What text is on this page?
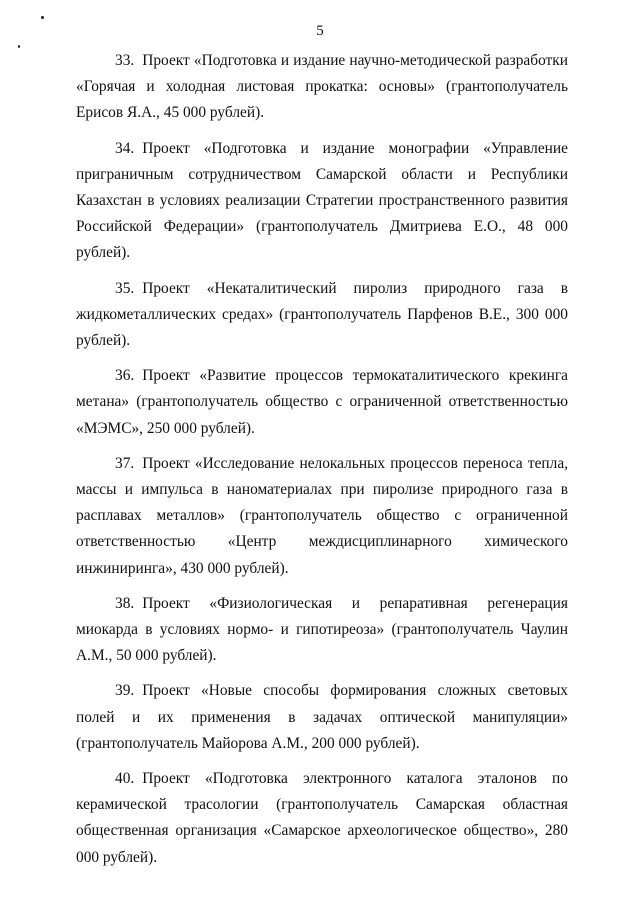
5

33. Проект «Подготовка и издание научно-методической разработки «Горячая и холодная листовая прокатка: основы» (грантополучатель Ерисов Я.А., 45 000 рублей).

34. Проект «Подготовка и издание монографии «Управление приграничным сотрудничеством Самарской области и Республики Казахстан в условиях реализации Стратегии пространственного развития Российской Федерации» (грантополучатель Дмитриева Е.О., 48 000 рублей).

35. Проект «Некаталитический пиролиз природного газа в жидкометаллических средах» (грантополучатель Парфенов В.Е., 300 000 рублей).

36. Проект «Развитие процессов термокаталитического крекинга метана» (грантополучатель общество с ограниченной ответственностью «МЭМС», 250 000 рублей).

37. Проект «Исследование нелокальных процессов переноса тепла, массы и импульса в наноматериалах при пиролизе природного газа в расплавах металлов» (грантополучатель общество с ограниченной ответственностью «Центр междисциплинарного химического инжиниринга», 430 000 рублей).

38. Проект «Физиологическая и репаративная регенерация миокарда в условиях нормо- и гипотиреоза» (грантополучатель Чаулин А.М., 50 000 рублей).

39. Проект «Новые способы формирования сложных световых полей и их применения в задачах оптической манипуляции» (грантополучатель Майорова А.М., 200 000 рублей).

40. Проект «Подготовка электронного каталога эталонов по керамической трасологии (грантополучатель Самарская областная общественная организация «Самарское археологическое общество», 280 000 рублей).
